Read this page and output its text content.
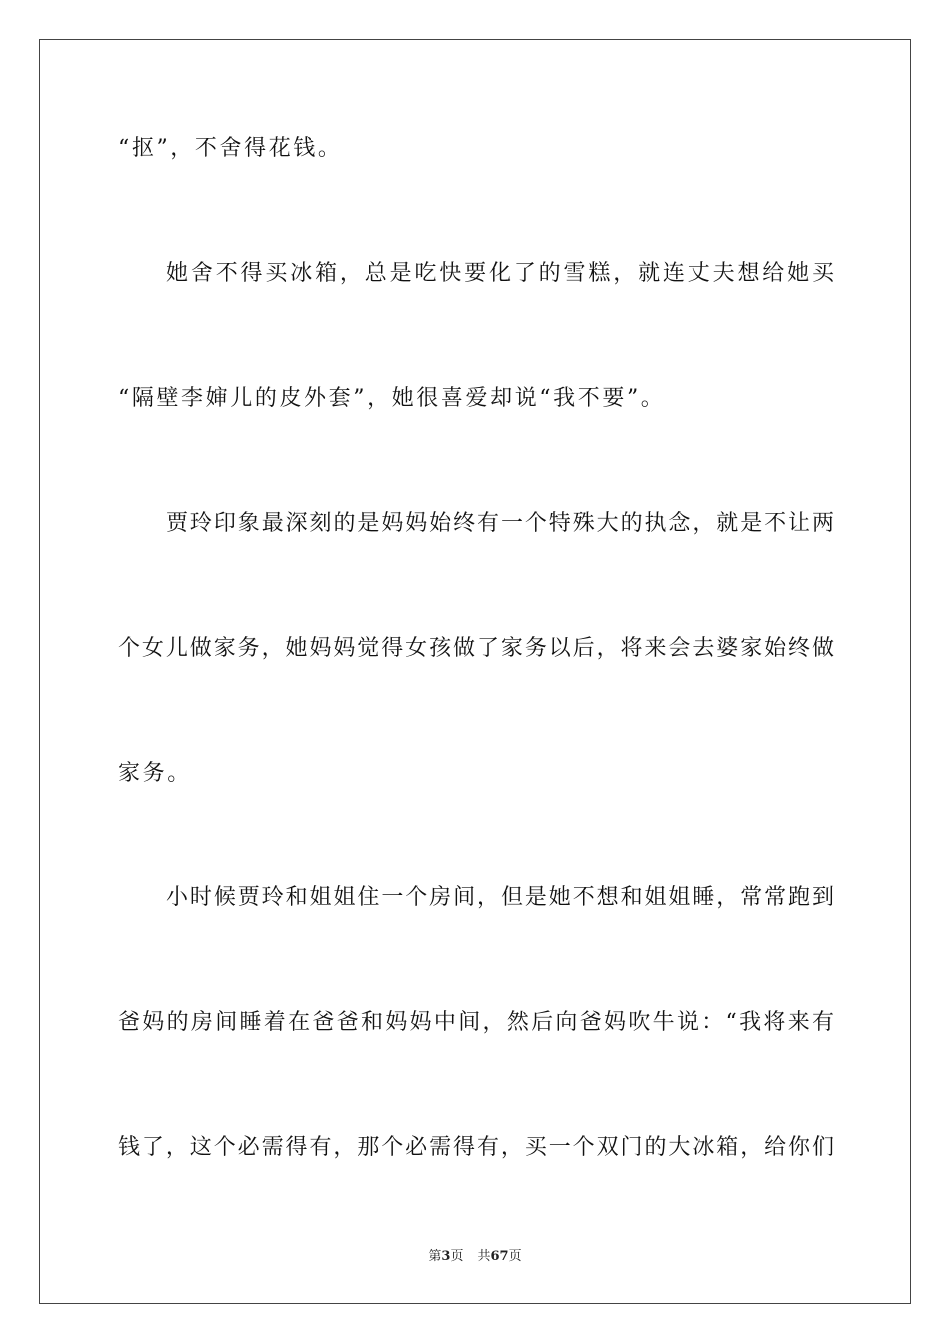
“抠”，不舍得花钱。
她舍不得买冰箱，总是吃快要化了的雪糕，就连丈夫想给她买
“隔壁李婶儿的皮外套”，她很喜爱却说“我不要”。
贾玲印象最深刻的是妈妈始终有一个特殊大的执念，就是不让两
个女儿做家务，她妈妈觉得女孩做了家务以后，将来会去婆家始终做
家务。
小时候贾玲和姐姐住一个房间，但是她不想和姐姐睡，常常跑到
爸妈的房间睡着在爸爸和妈妈中间，然后向爸妈吹牛说：“我将来有
钱了，这个必需得有，那个必需得有，买一个双门的大冰箱，给你们
第3页 共67页
